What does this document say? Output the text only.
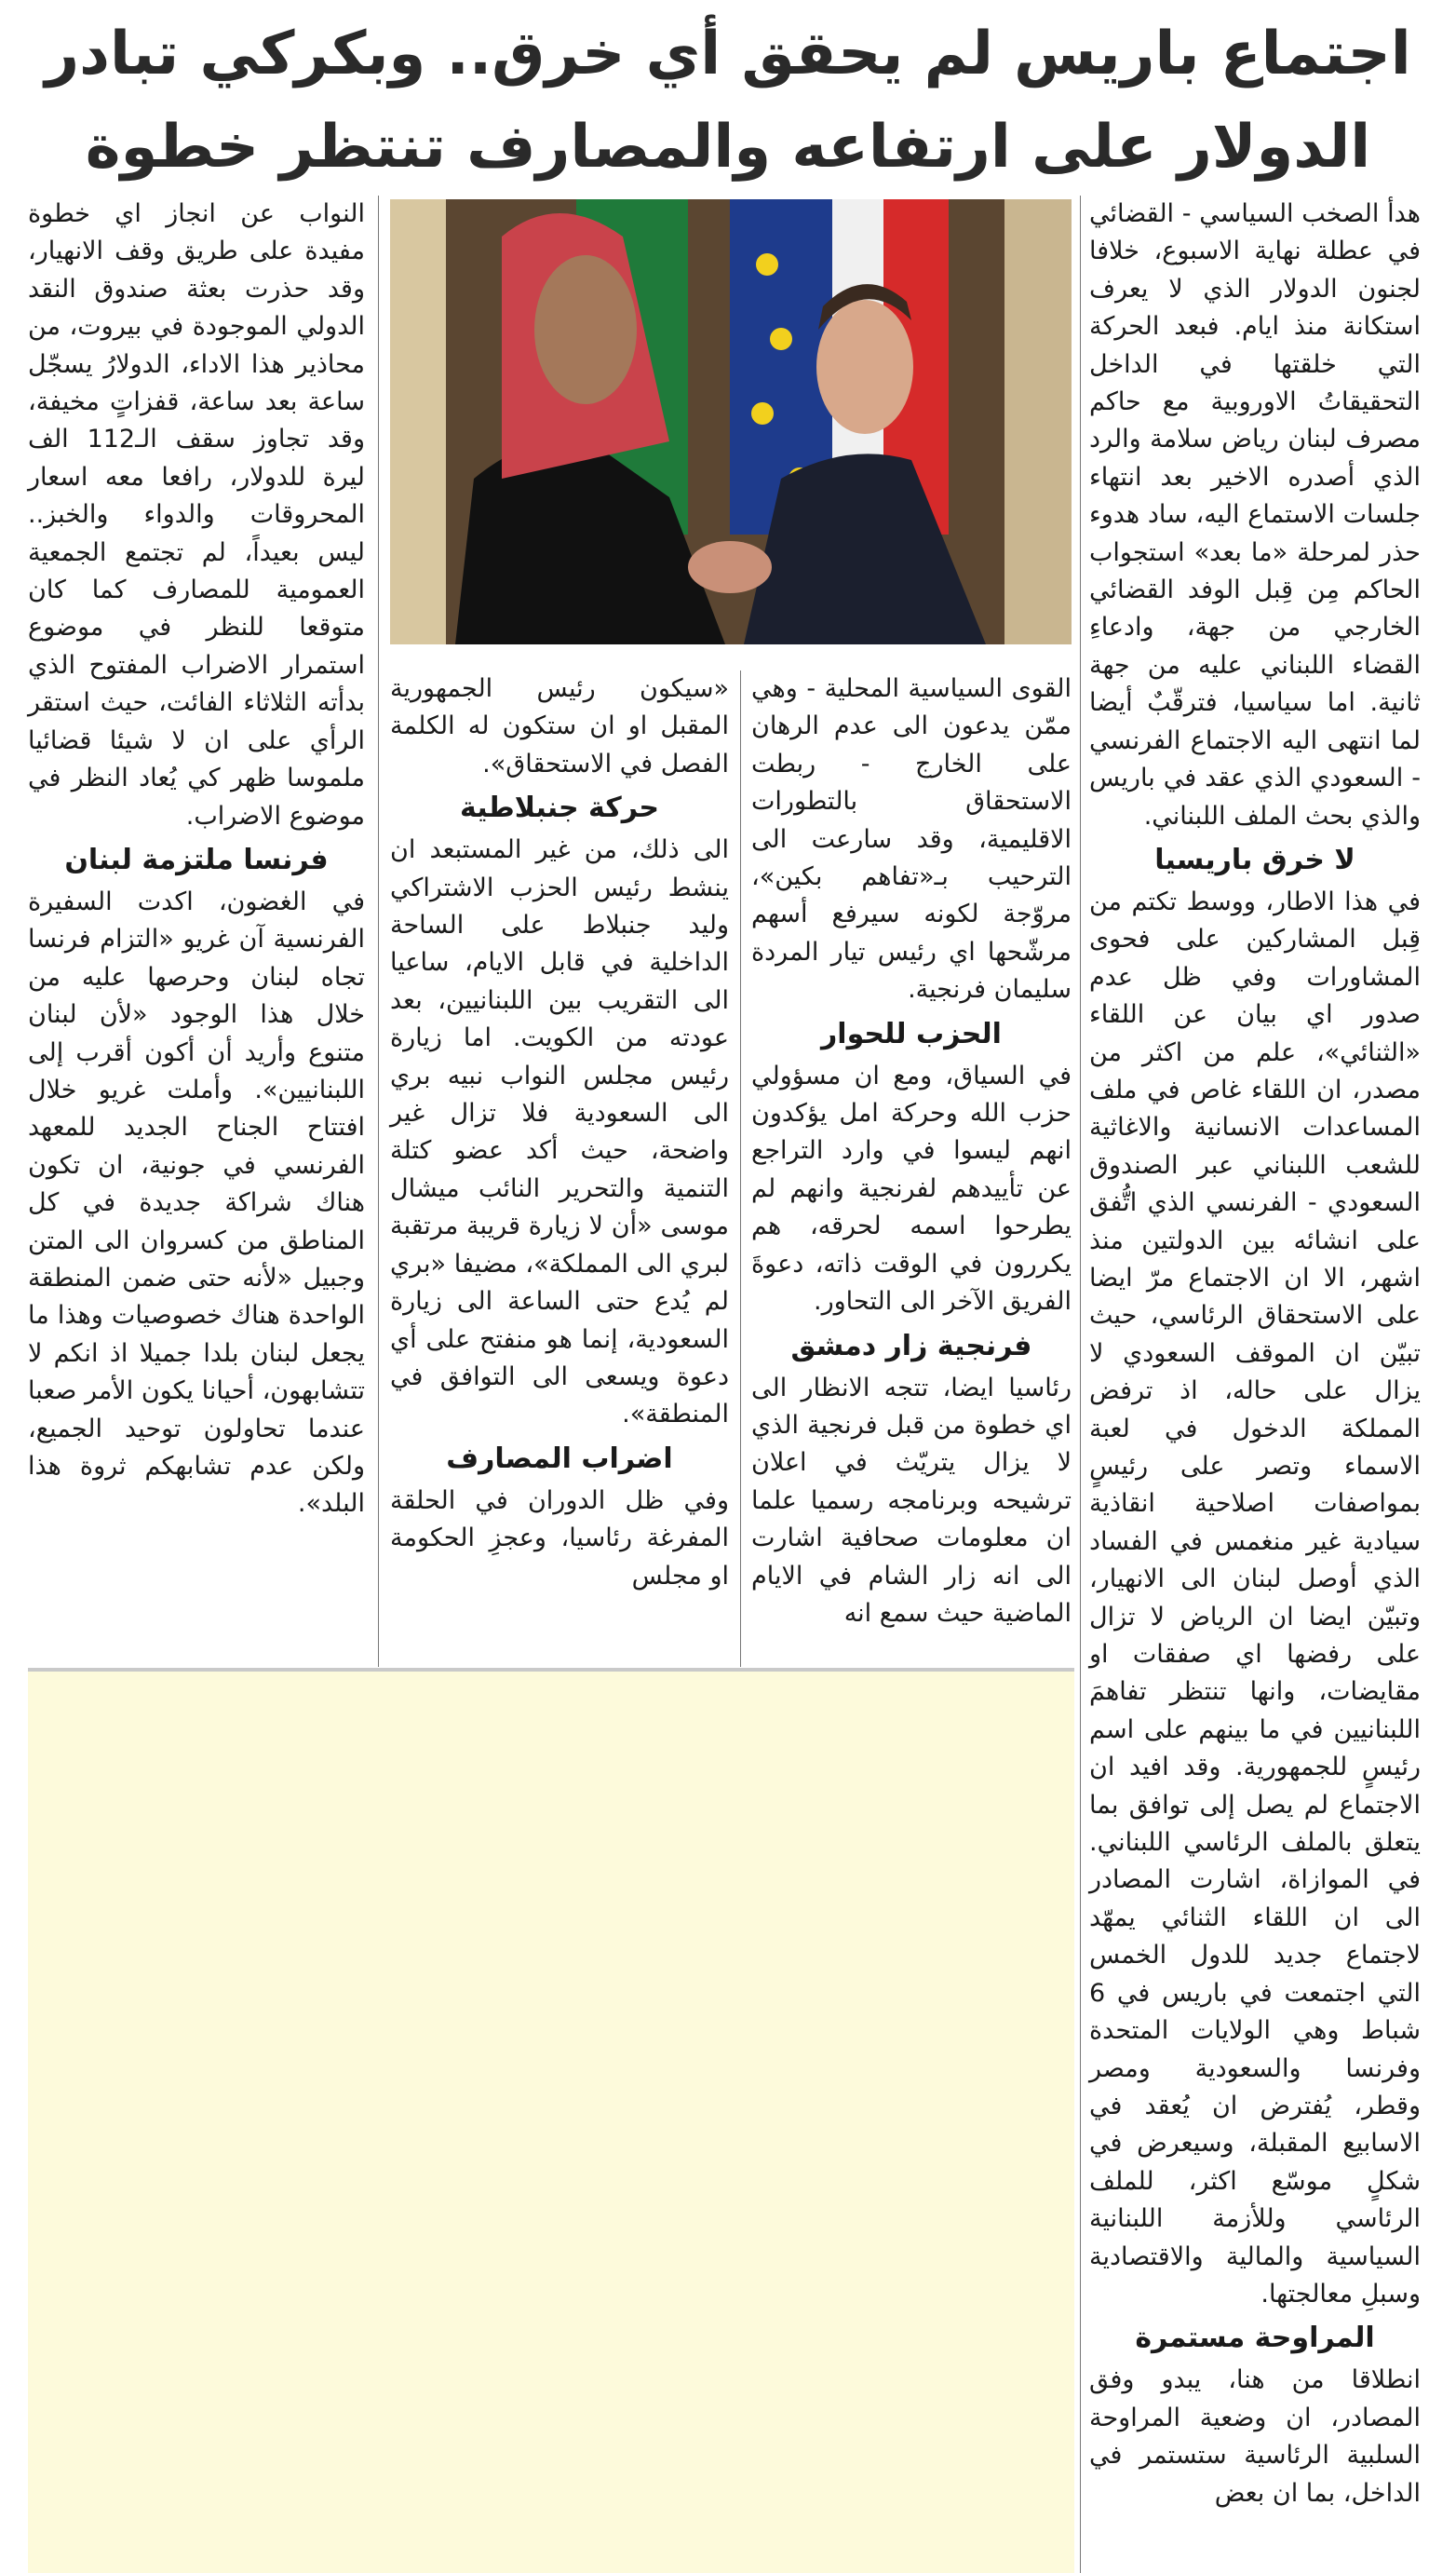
اجتماع باريس لم يحقق أي خرق.. وبكركي تبادر
الدولار على ارتفاعه والمصارف تنتظر خطوة

هدأ الصخب السياسي - القضائي في عطلة نهاية الاسبوع، خلافا لجنون الدولار الذي لا يعرف استكانة منذ ايام. فبعد الحركة التي خلقتها في الداخل التحقيقاتُ الاوروبية مع حاكم مصرف لبنان رياض سلامة والرد الذي أصدره الاخير بعد انتهاء جلسات الاستماع اليه، ساد هدوء حذر لمرحلة «ما بعد» استجواب الحاكم مِن قِبل الوفد القضائي الخارجي من جهة، وادعاءِ القضاء اللبناني عليه من جهة ثانية. اما سياسيا، فترقّبٌ أيضا لما انتهى اليه الاجتماع الفرنسي - السعودي الذي عقد في باريس والذي بحث الملف اللبناني.

لا خرق باريسيا

في هذا الاطار، ووسط تكتم من قِبل المشاركين على فحوى المشاورات وفي ظل عدم صدور اي بيان عن اللقاء «الثنائي»، علم من اكثر من مصدر، ان اللقاء غاص في ملف المساعدات الانسانية والاغاثية للشعب اللبناني عبر الصندوق السعودي - الفرنسي الذي اتُّفق على انشائه بين الدولتين منذ اشهر، الا ان الاجتماع مرّ ايضا على الاستحقاق الرئاسي، حيث تبيّن ان الموقف السعودي لا يزال على حاله، اذ ترفض المملكة الدخول في لعبة الاسماء وتصر على رئيسٍ بمواصفات اصلاحية انقاذية سيادية غير منغمس في الفساد الذي أوصل لبنان الى الانهيار، وتبيّن ايضا ان الرياض لا تزال على رفضها اي صفقات او مقايضات، وانها تنتظر تفاهمَ اللبنانيين في ما بينهم على اسم رئيسٍ للجمهورية. وقد افيد ان الاجتماع لم يصل إلى توافق بما يتعلق بالملف الرئاسي اللبناني. في الموازاة، اشارت المصادر الى ان اللقاء الثنائي يمهّد لاجتماع جديد للدول الخمس التي اجتمعت في باريس في 6 شباط وهي الولايات المتحدة وفرنسا والسعودية ومصر وقطر، يُفترض ان يُعقد في الاسابيع المقبلة، وسيعرض في شكلٍ موسّع اكثر، للملف الرئاسي وللأزمة اللبنانية السياسية والمالية والاقتصادية وسبلِ معالجتها.

المراوحة مستمرة

انطلاقا من هنا، يبدو وفق المصادر، ان وضعية المراوحة السلبية الرئاسية ستستمر في الداخل، بما ان بعض

القوى السياسية المحلية - وهي ممّن يدعون الى عدم الرهان على الخارج - ربطت الاستحقاق بالتطورات الاقليمية، وقد سارعت الى الترحيب بـ«تفاهم بكين»، مروّجة لكونه سيرفع أسهم مرشّحها اي رئيس تيار المردة سليمان فرنجية.

الحزب للحوار

في السياق، ومع ان مسؤولي حزب الله وحركة امل يؤكدون انهم ليسوا في وارد التراجع عن تأييدهم لفرنجية وانهم لم يطرحوا اسمه لحرقه، هم يكررون في الوقت ذاته، دعوةَ الفريق الآخر الى التحاور.

فرنجية زار دمشق

رئاسيا ايضا، تتجه الانظار الى اي خطوة من قبل فرنجية الذي لا يزال يتريّث في اعلان ترشيحه وبرنامجه رسميا علما ان معلومات صحافية اشارت الى انه زار الشام في الايام الماضية حيث سمع انه

«سيكون رئيس الجمهورية المقبل او ان ستكون له الكلمة الفصل في الاستحقاق».

حركة جنبلاطية

الى ذلك، من غير المستبعد ان ينشط رئيس الحزب الاشتراكي وليد جنبلاط على الساحة الداخلية في قابل الايام، ساعيا الى التقريب بين اللبنانيين، بعد عودته من الكويت. اما زيارة رئيس مجلس النواب نبيه بري الى السعودية فلا تزال غير واضحة، حيث أكد عضو كتلة التنمية والتحرير النائب ميشال موسى «أن لا زيارة قريبة مرتقبة لبري الى المملكة»، مضيفا «بري لم يُدع حتى الساعة الى زيارة السعودية، إنما هو منفتح على أي دعوة ويسعى الى التوافق في المنطقة».

اضراب المصارف

وفي ظل الدوران في الحلقة المفرغة رئاسيا، وعجزِ الحكومة او مجلس

النواب عن انجاز اي خطوة مفيدة على طريق وقف الانهيار، وقد حذرت بعثة صندوق النقد الدولي الموجودة في بيروت، من محاذير هذا الاداء، الدولارُ يسجّل ساعة بعد ساعة، قفزاتٍ مخيفة، وقد تجاوز سقف الـ112 الف ليرة للدولار، رافعا معه اسعار المحروقات والدواء والخبز.. ليس بعيداً، لم تجتمع الجمعية العمومية للمصارف كما كان متوقعا للنظر في موضوع استمرار الاضراب المفتوح الذي بدأته الثلاثاء الفائت، حيث استقر الرأي على ان لا شيئا قضائيا ملموسا ظهر كي يُعاد النظر في موضوع الاضراب.

فرنسا ملتزمة لبنان

في الغضون، اكدت السفيرة الفرنسية آن غريو «التزام فرنسا تجاه لبنان وحرصها عليه من خلال هذا الوجود «لأن لبنان متنوع وأريد أن أكون أقرب إلى اللبنانيين». وأملت غريو خلال افتتاح الجناح الجديد للمعهد الفرنسي في جونية، ان تكون هناك شراكة جديدة في كل المناطق من كسروان الى المتن وجبيل «لأنه حتى ضمن المنطقة الواحدة هناك خصوصيات وهذا ما يجعل لبنان بلدا جميلا اذ انكم لا تتشابهون، أحيانا يكون الأمر صعبا عندما تحاولون توحيد الجميع، ولكن عدم تشابهكم ثروة هذا البلد».
